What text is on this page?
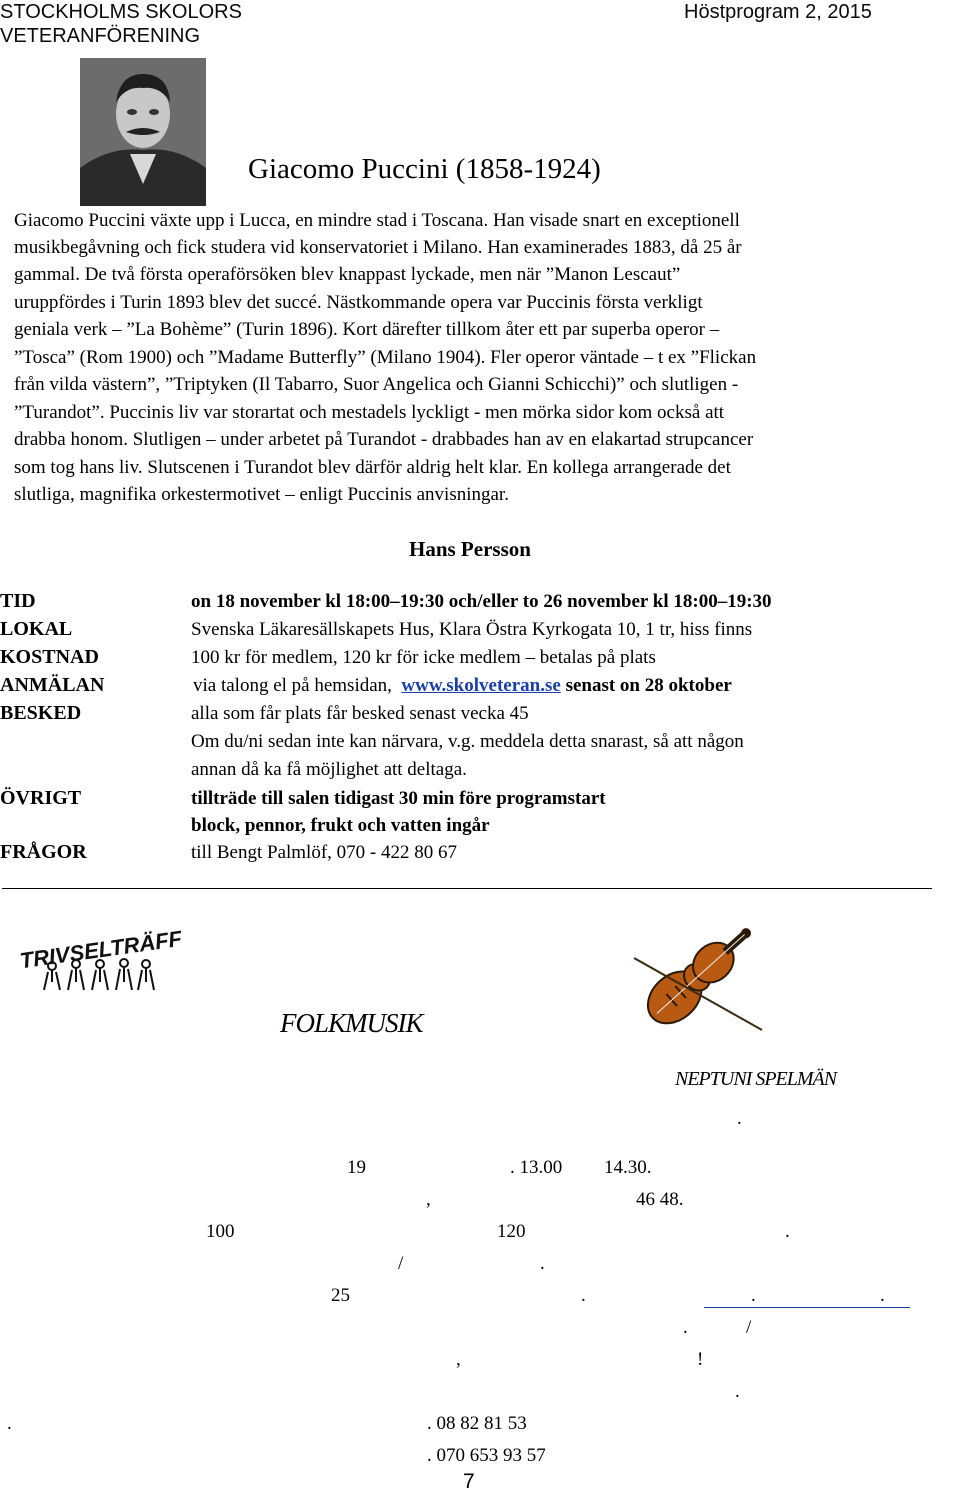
STOCKHOLMS SKOLORS
VETERANFÖRENING
Höstprogram 2, 2015
Giacomo Puccini (1858-1924)
Giacomo Puccini växte upp i Lucca, en mindre stad i Toscana. Han visade snart en exceptionell
musikbegåvning och fick studera vid konservatoriet i Milano. Han examinerades 1883, då 25 år
gammal. De två första operaförsöken blev knappast lyckade, men när ”Manon Lescaut”
uruppfördes i Turin 1893 blev det succé. Nästkommande opera var Puccinis första verkligt
geniala verk – ”La Bohème” (Turin 1896). Kort därefter tillkom åter ett par superba operor –
”Tosca” (Rom 1900) och ”Madame Butterfly” (Milano 1904). Fler operor väntade – t ex ”Flickan
från vilda västern”, ”Triptyken (Il Tabarro, Suor Angelica och Gianni Schicchi)” och slutligen -
”Turandot”. Puccinis liv var storartat och mestadels lyckligt - men mörka sidor kom också att
drabba honom. Slutligen – under arbetet på Turandot - drabbades han av en elakartad strupcancer
som tog hans liv. Slutscenen i Turandot blev därför aldrig helt klar. En kollega arrangerade det
slutliga, magnifika orkestermotivet – enligt Puccinis anvisningar.
Hans Persson
TID	on 18 november kl 18:00–19:30 och/eller to 26 november kl 18:00–19:30
LOKAL	Svenska Läkaresällskapets Hus, Klara Östra Kyrkogata 10, 1 tr, hiss finns
KOSTNAD	100 kr för medlem, 120 kr för icke medlem – betalas på plats
ANMÄLAN	via talong el på hemsidan, www.skolveteran.se senast on 28 oktober
BESKED	alla som får plats får besked senast vecka 45
Om du/ni sedan inte kan närvara, v.g. meddela detta snarast, så att någon
annan då ka få möjlighet att deltaga.
ÖVRIGT	tillträde till salen tidigast 30 min före programstart
block, pennor, frukt och vatten ingår
FRÅGOR	till Bengt Palmlöf, 070 - 422 80 67
TRIVSELTRÄFF
FOLKMUSIK
NEPTUNI SPELMÄN
.
19	. 13.00 14.30.
,	46 48.
100	120	.
/	.
25	.	.	.
.	/
,	!
.
.	. 08 82 81 53
. 070 653 93 57
7
